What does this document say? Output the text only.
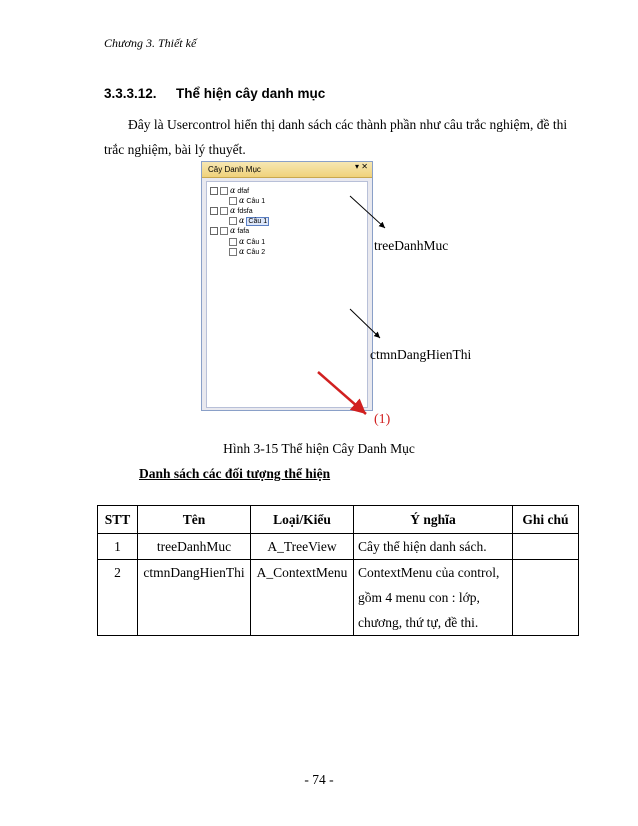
Chương 3. Thiết kế
3.3.3.12. Thể hiện cây danh mục
Đây là Usercontrol hiển thị danh sách các thành phần như câu trắc nghiệm, đề thi trắc nghiệm, bài lý thuyết.
Cây Danh Mục	▾ ✕
α dfaf
α Câu 1
α fdsfa
α Câu 1
α fafa
α Câu 1
α Câu 2	treeDanhMuc
ctmnDangHienThi
(1)
Hình 3-15 Thể hiện Cây Danh Mục
Danh sách các đối tượng thể hiện
STT	Tên	Loại/Kiểu	Ý nghĩa	Ghi chú
1	treeDanhMuc	A_TreeView	Cây thể hiện danh sách.	

2	ctmnDangHienThi	A_ContextMenu	ContextMenu của control,
gồm 4 menu con : lớp,
chương, thứ tự, đề thi.	

- 74 -
